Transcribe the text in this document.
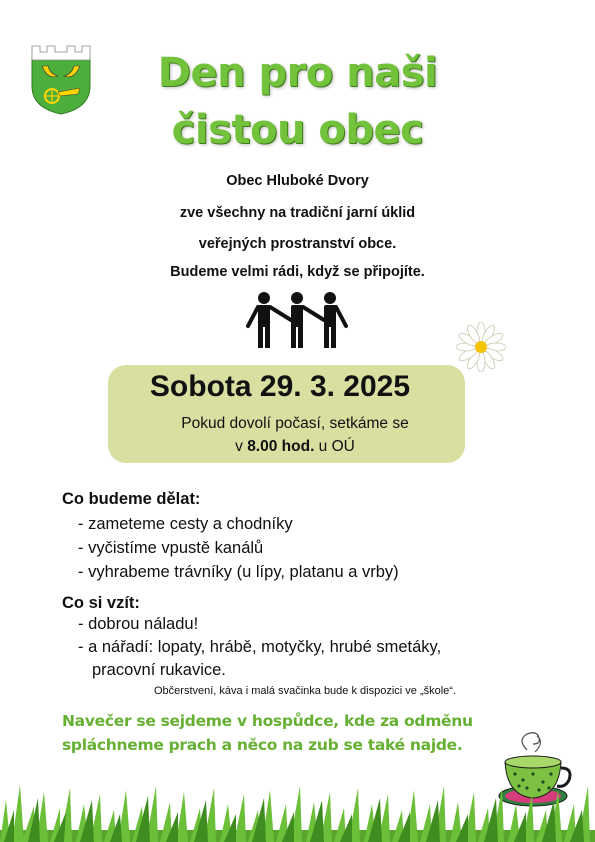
Den pro naši
čistou obec
Obec Hluboké Dvory
zve všechny na tradiční jarní úklid
veřejných prostranství obce.
Budeme velmi rádi, když se připojíte.
Sobota 29. 3. 2025
Pokud dovolí počasí, setkáme se
v 8.00 hod. u OÚ
Co budeme dělat:
- zameteme cesty a chodníky
- vyčistíme vpustě kanálů
- vyhrabeme trávníky (u lípy, platanu a vrby)
Co si vzít:
- dobrou náladu!
- a nářadí: lopaty, hrábě, motyčky, hrubé smetáky,
pracovní rukavice.
Občerstvení, káva i malá svačinka bude k dispozici ve „škole“.
Navečer se sejdeme v hospůdce, kde za odměnu
spláchneme prach a něco na zub se také najde.
